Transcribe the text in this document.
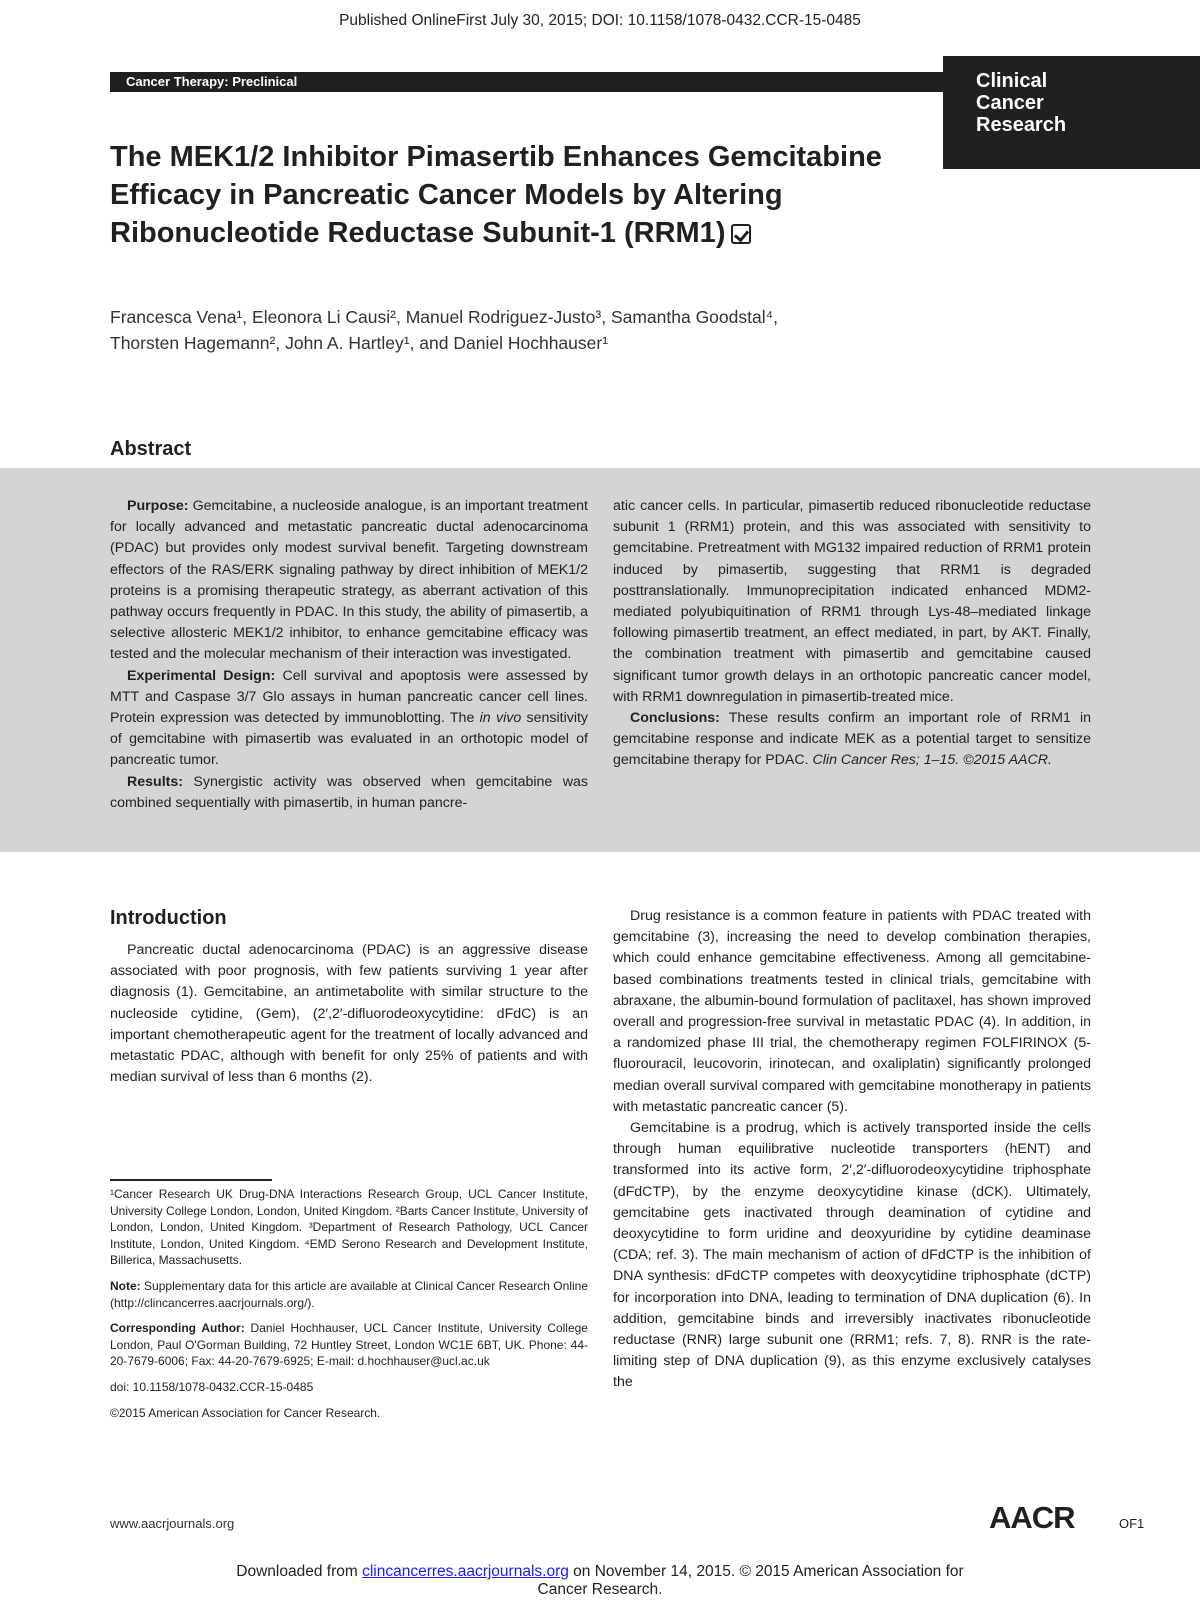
Published OnlineFirst July 30, 2015; DOI: 10.1158/1078-0432.CCR-15-0485
Cancer Therapy: Preclinical	Clinical
Cancer
Research
The MEK1/2 Inhibitor Pimasertib Enhances Gemcitabine Efficacy in Pancreatic Cancer Models by Altering Ribonucleotide Reductase Subunit-1 (RRM1)
Francesca Vena¹, Eleonora Li Causi², Manuel Rodriguez-Justo³, Samantha Goodstal⁴,
Thorsten Hagemann², John A. Hartley¹, and Daniel Hochhauser¹
Abstract

Purpose: Gemcitabine, a nucleoside analogue, is an important treatment for locally advanced and metastatic pancreatic ductal adenocarcinoma (PDAC) but provides only modest survival benefit. Targeting downstream effectors of the RAS/ERK signaling pathway by direct inhibition of MEK1/2 proteins is a promising therapeutic strategy, as aberrant activation of this pathway occurs frequently in PDAC. In this study, the ability of pimasertib, a selective allosteric MEK1/2 inhibitor, to enhance gemcitabine efficacy was tested and the molecular mechanism of their interaction was investigated.

Experimental Design: Cell survival and apoptosis were assessed by MTT and Caspase 3/7 Glo assays in human pancreatic cancer cell lines. Protein expression was detected by immunoblotting. The in vivo sensitivity of gemcitabine with pimasertib was evaluated in an orthotopic model of pancreatic tumor.

Results: Synergistic activity was observed when gemcitabine was combined sequentially with pimasertib, in human pancre-

atic cancer cells. In particular, pimasertib reduced ribonucleotide reductase subunit 1 (RRM1) protein, and this was associated with sensitivity to gemcitabine. Pretreatment with MG132 impaired reduction of RRM1 protein induced by pimasertib, suggesting that RRM1 is degraded posttranslationally. Immunoprecipitation indicated enhanced MDM2-mediated polyubiquitination of RRM1 through Lys-48–mediated linkage following pimasertib treatment, an effect mediated, in part, by AKT. Finally, the combination treatment with pimasertib and gemcitabine caused significant tumor growth delays in an orthotopic pancreatic cancer model, with RRM1 downregulation in pimasertib-treated mice.

Conclusions: These results confirm an important role of RRM1 in gemcitabine response and indicate MEK as a potential target to sensitize gemcitabine therapy for PDAC. Clin Cancer Res; 1–15. ©2015 AACR.

Introduction

Pancreatic ductal adenocarcinoma (PDAC) is an aggressive disease associated with poor prognosis, with few patients surviving 1 year after diagnosis (1). Gemcitabine, an antimetabolite with similar structure to the nucleoside cytidine, (Gem), (2′,2′-difluorodeoxycytidine: dFdC) is an important chemotherapeutic agent for the treatment of locally advanced and metastatic PDAC, although with benefit for only 25% of patients and with median survival of less than 6 months (2).

Drug resistance is a common feature in patients with PDAC treated with gemcitabine (3), increasing the need to develop combination therapies, which could enhance gemcitabine effectiveness. Among all gemcitabine-based combinations treatments tested in clinical trials, gemcitabine with abraxane, the albumin-bound formulation of paclitaxel, has shown improved overall and progression-free survival in metastatic PDAC (4). In addition, in a randomized phase III trial, the chemotherapy regimen FOLFIRINOX (5-fluorouracil, leucovorin, irinotecan, and oxaliplatin) significantly prolonged median overall survival compared with gemcitabine monotherapy in patients with metastatic pancreatic cancer (5).

Gemcitabine is a prodrug, which is actively transported inside the cells through human equilibrative nucleotide transporters (hENT) and transformed into its active form, 2′,2′-difluorodeoxycytidine triphosphate (dFdCTP), by the enzyme deoxycytidine kinase (dCK). Ultimately, gemcitabine gets inactivated through deamination of cytidine and deoxycytidine to form uridine and deoxyuridine by cytidine deaminase (CDA; ref. 3). The main mechanism of action of dFdCTP is the inhibition of DNA synthesis: dFdCTP competes with deoxycytidine triphosphate (dCTP) for incorporation into DNA, leading to termination of DNA duplication (6). In addition, gemcitabine binds and irreversibly inactivates ribonucleotide reductase (RNR) large subunit one (RRM1; refs. 7, 8). RNR is the rate-limiting step of DNA duplication (9), as this enzyme exclusively catalyses the

¹Cancer Research UK Drug-DNA Interactions Research Group, UCL Cancer Institute, University College London, London, United Kingdom. ²Barts Cancer Institute, University of London, London, United Kingdom. ³Department of Research Pathology, UCL Cancer Institute, London, United Kingdom. ⁴EMD Serono Research and Development Institute, Billerica, Massachusetts.

Note: Supplementary data for this article are available at Clinical Cancer Research Online (http://clincancerres.aacrjournals.org/).

Corresponding Author: Daniel Hochhauser, UCL Cancer Institute, University College London, Paul O'Gorman Building, 72 Huntley Street, London WC1E 6BT, UK. Phone: 44-20-7679-6006; Fax: 44-20-7679-6925; E-mail: d.hochhauser@ucl.ac.uk

doi: 10.1158/1078-0432.CCR-15-0485

©2015 American Association for Cancer Research.

www.aacrjournals.org	AACR	OF1
Downloaded from clincancerres.aacrjournals.org on November 14, 2015. © 2015 American Association for
Cancer Research.
